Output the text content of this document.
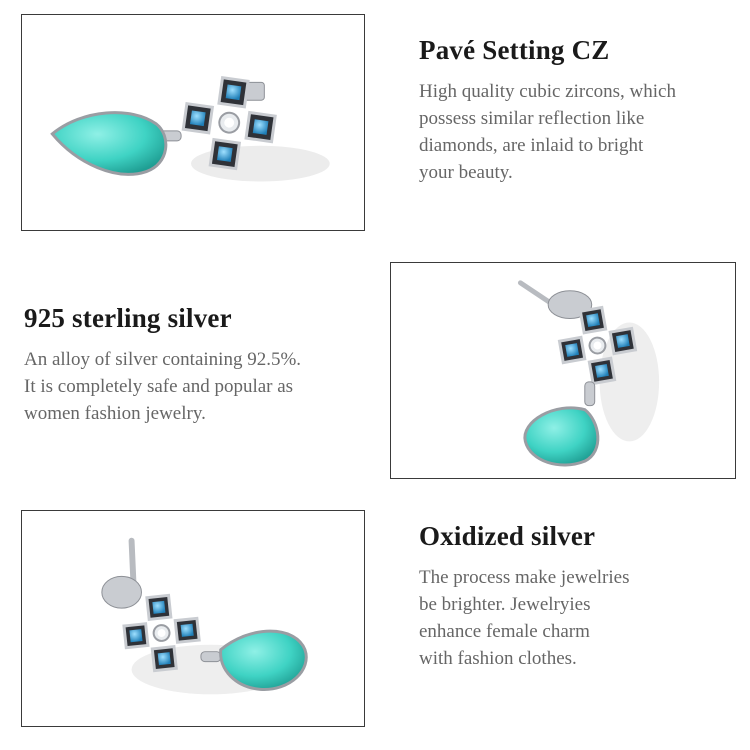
Pavé Setting CZ

High quality cubic zircons, which
possess similar reflection like
diamonds, are inlaid to bright
your beauty.

925 sterling silver

An alloy of silver containing 92.5%.
It is completely safe and popular as
women fashion jewelry.

Oxidized silver

The process make jewelries
be brighter. Jewelryies
enhance female charm
with fashion clothes.
